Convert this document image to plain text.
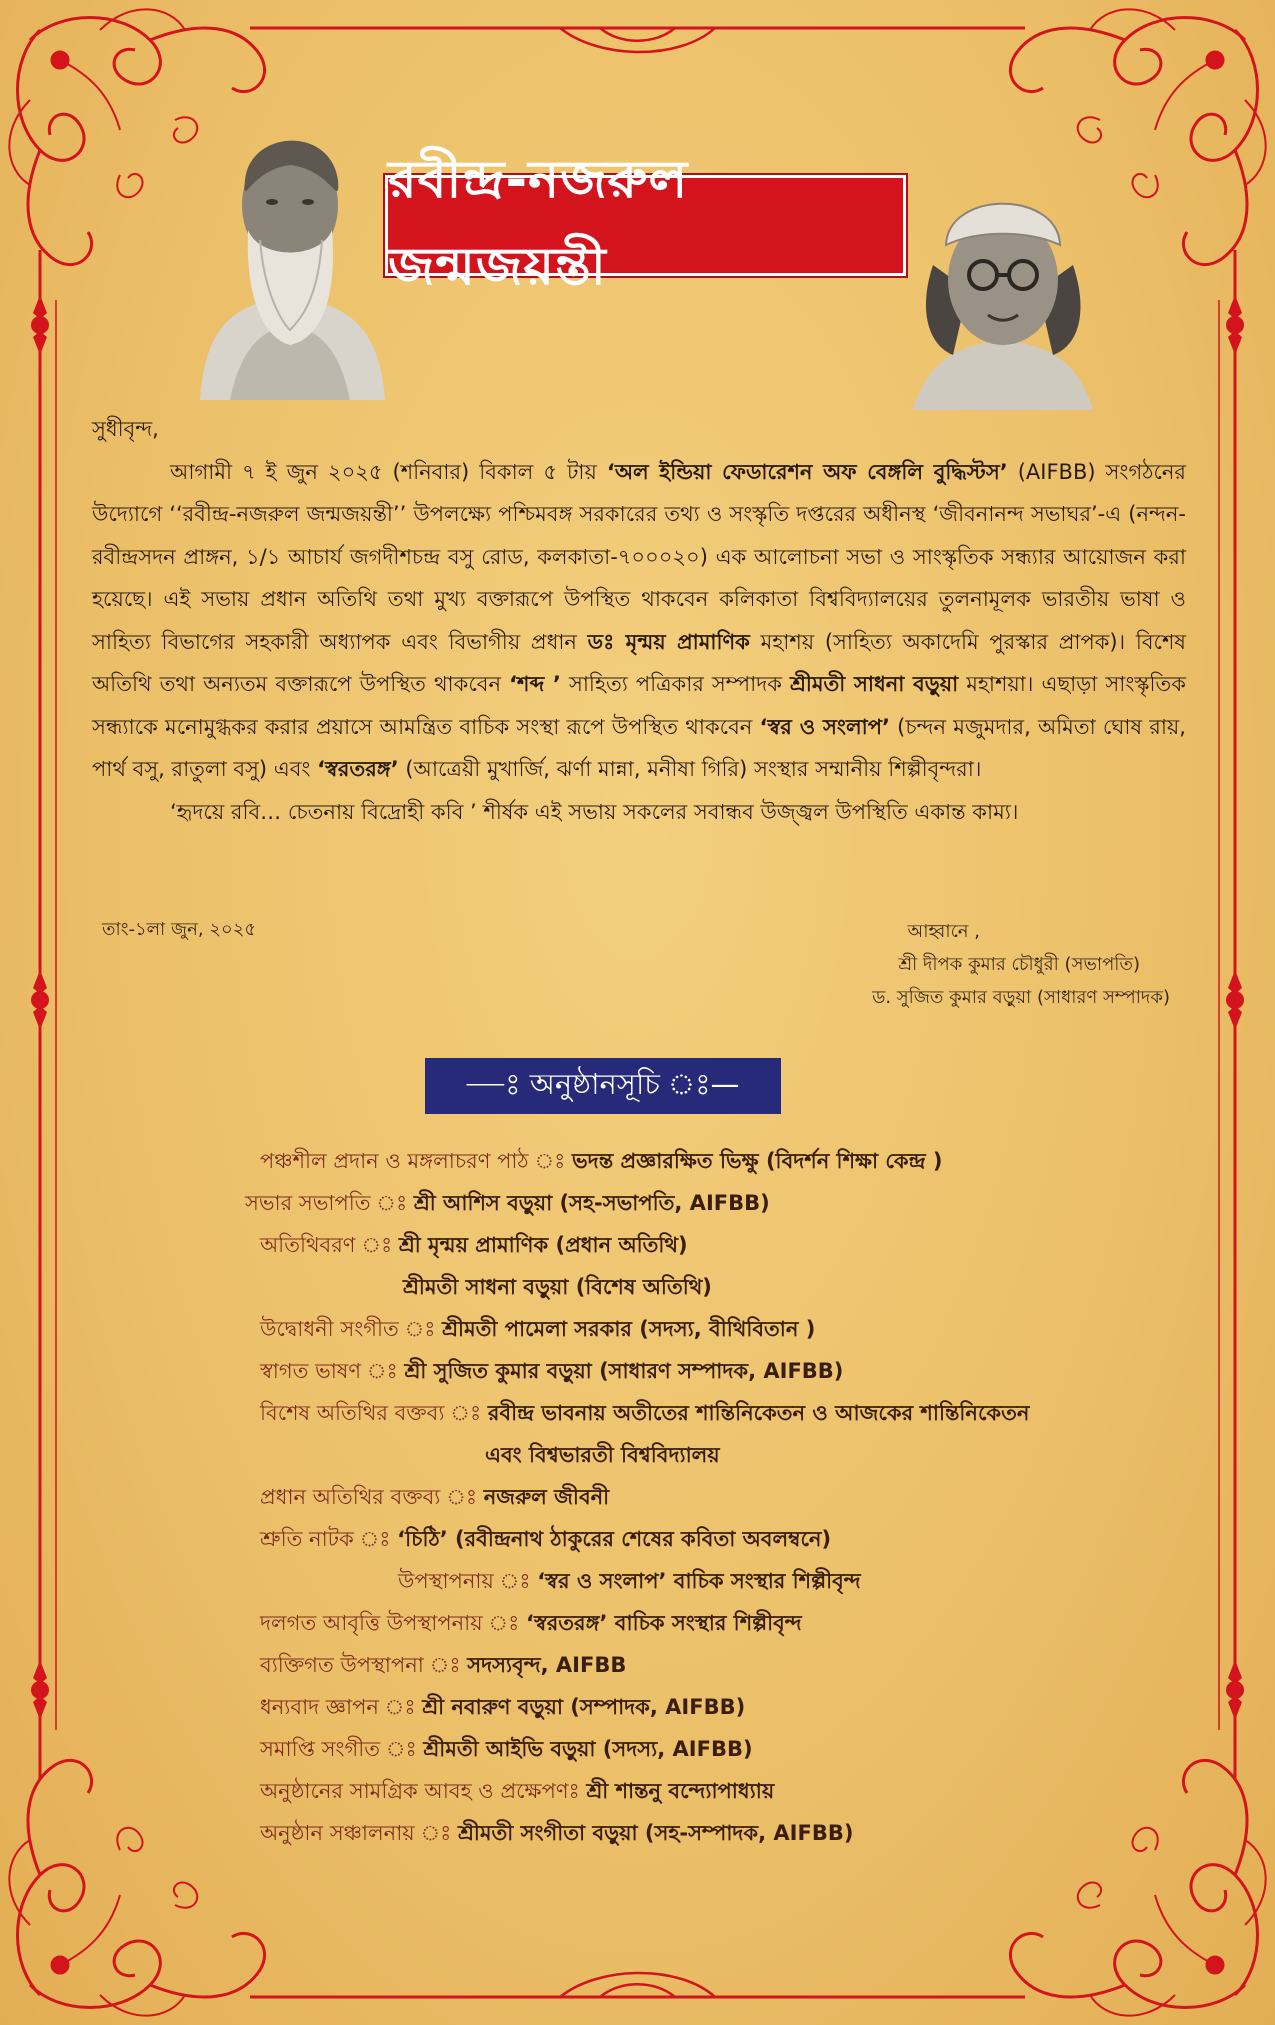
রবীন্দ্র-নজরুল জন্মজয়ন্তী

সুধীবৃন্দ,

আগামী ৭ ই জুন ২০২৫ (শনিবার) বিকাল ৫ টায় ‘অল ইন্ডিয়া ফেডারেশন অফ বেঙ্গলি বুদ্ধিস্টস’ (AIFBB) সংগঠনের উদ্যোগে ‘‘রবীন্দ্র-নজরুল জন্মজয়ন্তী’’ উপলক্ষ্যে পশ্চিমবঙ্গ সরকারের তথ্য ও সংস্কৃতি দপ্তরের অধীনস্থ ‘জীবনানন্দ সভাঘর’-এ (নন্দন-রবীন্দ্রসদন প্রাঙ্গন, ১/১ আচার্য জগদীশচন্দ্র বসু রোড, কলকাতা-৭০০০২০) এক আলোচনা সভা ও সাংস্কৃতিক সন্ধ্যার আয়োজন করা হয়েছে। এই সভায় প্রধান অতিথি তথা মুখ্য বক্তারূপে উপস্থিত থাকবেন কলিকাতা বিশ্ববিদ্যালয়ের তুলনামূলক ভারতীয় ভাষা ও সাহিত্য বিভাগের সহকারী অধ্যাপক এবং বিভাগীয় প্রধান ডঃ মৃন্ময় প্রামাণিক মহাশয় (সাহিত্য অকাদেমি পুরস্কার প্রাপক)। বিশেষ অতিথি তথা অন্যতম বক্তারূপে উপস্থিত থাকবেন ‘শব্দ ’ সাহিত্য পত্রিকার সম্পাদক শ্রীমতী সাধনা বড়ুয়া মহাশয়া। এছাড়া সাংস্কৃতিক সন্ধ্যাকে মনোমুগ্ধকর করার প্রয়াসে আমন্ত্রিত বাচিক সংস্থা রূপে উপস্থিত থাকবেন ‘স্বর ও সংলাপ’ (চন্দন মজুমদার, অমিতা ঘোষ রায়, পার্থ বসু, রাতুলা বসু) এবং ‘স্বরতরঙ্গ’ (আত্রেয়ী মুখার্জি, ঝর্ণা মান্না, মনীষা গিরি) সংস্থার সম্মানীয় শিল্পীবৃন্দরা।

‘হৃদয়ে রবি… চেতনায় বিদ্রোহী কবি ’ শীর্ষক এই সভায় সকলের সবান্ধব উজ্জ্বল উপস্থিতি একান্ত কাম্য।

তাং-১লা জুন, ২০২৫	আহ্বানে ,
শ্রী দীপক কুমার চৌধুরী (সভাপতি)
ড. সুজিত কুমার বড়ুয়া (সাধারণ সম্পাদক)
—ঃ অনুষ্ঠানসূচি ঃ—
পঞ্চশীল প্রদান ও মঙ্গলাচরণ পাঠ ঃ ভদন্ত প্রজ্ঞারক্ষিত ভিক্ষু (বিদর্শন শিক্ষা কেন্দ্র )
সভার সভাপতি ঃ শ্রী আশিস বড়ুয়া (সহ-সভাপতি, AIFBB)
অতিথিবরণ ঃ শ্রী মৃন্ময় প্রামাণিক (প্রধান অতিথি)
শ্রীমতী সাধনা বড়ুয়া (বিশেষ অতিথি)
উদ্বোধনী সংগীত ঃ শ্রীমতী পামেলা সরকার (সদস্য, বীথিবিতান )
স্বাগত ভাষণ ঃ শ্রী সুজিত কুমার বড়ুয়া (সাধারণ সম্পাদক, AIFBB)
বিশেষ অতিথির বক্তব্য ঃ রবীন্দ্র ভাবনায় অতীতের শান্তিনিকেতন ও আজকের শান্তিনিকেতন
এবং বিশ্বভারতী বিশ্ববিদ্যালয়
প্রধান অতিথির বক্তব্য ঃ নজরুল জীবনী
শ্রুতি নাটক ঃ ‘চিঠি’ (রবীন্দ্রনাথ ঠাকুরের শেষের কবিতা অবলম্বনে)
উপস্থাপনায় ঃ ‘স্বর ও সংলাপ’ বাচিক সংস্থার শিল্পীবৃন্দ
দলগত আবৃত্তি উপস্থাপনায় ঃ ‘স্বরতরঙ্গ’ বাচিক সংস্থার শিল্পীবৃন্দ
ব্যক্তিগত উপস্থাপনা ঃ সদস্যবৃন্দ, AIFBB
ধন্যবাদ জ্ঞাপন ঃ শ্রী নবারুণ বড়ুয়া (সম্পাদক, AIFBB)
সমাপ্তি সংগীত ঃ শ্রীমতী আইভি বড়ুয়া (সদস্য, AIFBB)
অনুষ্ঠানের সামগ্রিক আবহ ও প্রক্ষেপণঃ শ্রী শান্তনু বন্দ্যোপাধ্যায়
অনুষ্ঠান সঞ্চালনায় ঃ শ্রীমতী সংগীতা বড়ুয়া (সহ-সম্পাদক, AIFBB)
